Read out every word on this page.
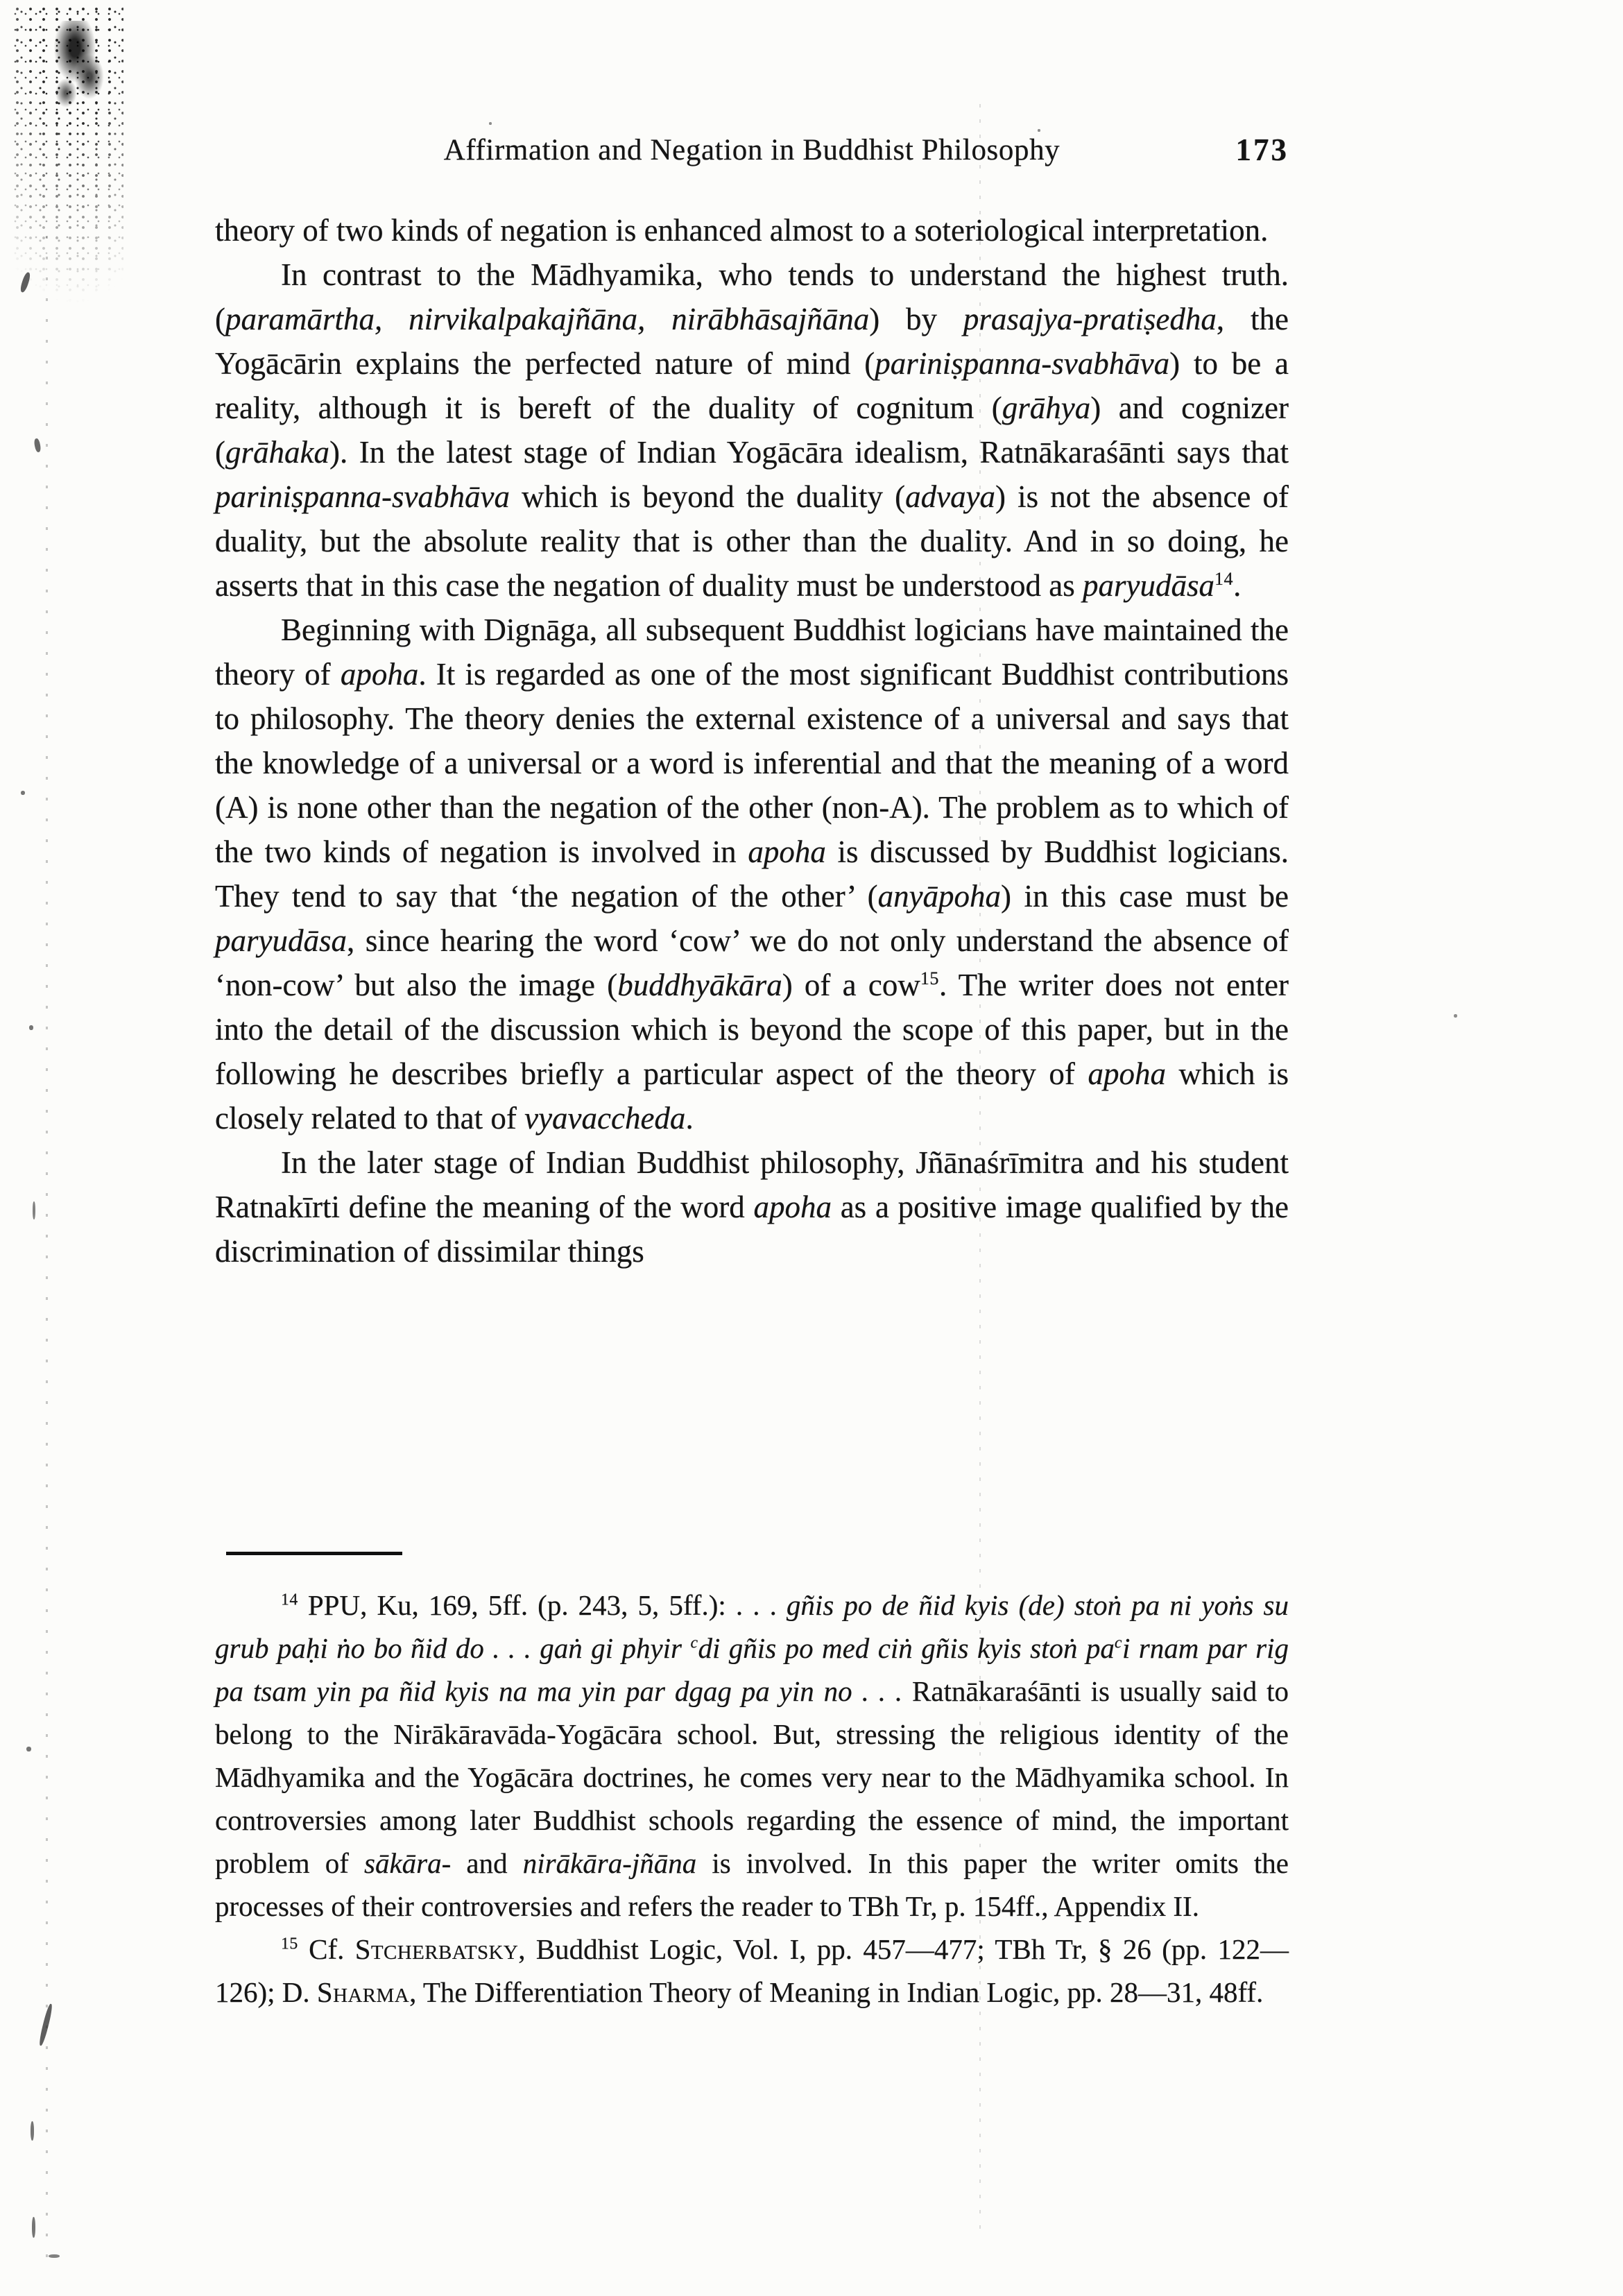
Affirmation and Negation in Buddhist Philosophy	173

theory of two kinds of negation is enhanced almost to a soteriological interpretation.

In contrast to the Mādhyamika, who tends to understand the highest truth. (paramārtha, nirvikalpakajñāna, nirābhāsajñāna) by prasajya-pratiṣedha, the Yogācārin explains the perfected nature of mind (pariniṣpanna-svabhāva) to be a reality, although it is bereft of the duality of cognitum (grāhya) and cognizer (grāhaka). In the latest stage of Indian Yogācāra idealism, Ratnākaraśānti says that pariniṣpanna-svabhāva which is beyond the duality (advaya) is not the absence of duality, but the absolute reality that is other than the duality. And in so doing, he asserts that in this case the negation of duality must be understood as paryudāsa$^{14}$.

Beginning with Dignāga, all subsequent Buddhist logicians have maintained the theory of apoha. It is regarded as one of the most significant Buddhist contributions to philosophy. The theory denies the external existence of a universal and says that the knowledge of a universal or a word is inferential and that the meaning of a word (A) is none other than the negation of the other (non-A). The problem as to which of the two kinds of negation is involved in apoha is discussed by Buddhist logicians. They tend to say that ‘the negation of the other’ (anyāpoha) in this case must be paryudāsa, since hearing the word ‘cow’ we do not only understand the absence of ‘non-cow’ but also the image (buddhyākāra) of a cow$^{15}$. The writer does not enter into the detail of the discussion which is beyond the scope of this paper, but in the following he describes briefly a particular aspect of the theory of apoha which is closely related to that of vyavaccheda.

In the later stage of Indian Buddhist philosophy, Jñānaśrīmitra and his student Ratnakīrti define the meaning of the word apoha as a positive image qualified by the discrimination of dissimilar things

$^{14}$ PPU, Ku, 169, 5ff. (p. 243, 5, 5ff.): . . . gñis po de ñid kyis (de) stoṅ pa ni yoṅs su grub paḥi ṅo bo ñid do . . . gaṅ gi phyir $^c$di gñis po med ciṅ gñis kyis stoṅ $pa^ci$ rnam par rig pa tsam yin pa ñid kyis na ma yin par dgag pa yin no . . . Ratnākaraśānti is usually said to belong to the Nirākāravāda-Yogācāra school. But, stressing the religious identity of the Mādhyamika and the Yogācāra doctrines, he comes very near to the Mādhyamika school. In controversies among later Buddhist schools regarding the essence of mind, the important problem of sākāra- and nirākāra-jñāna is involved. In this paper the writer omits the processes of their controversies and refers the reader to TBh Tr, p. 154ff., Appendix II.

$^{15}$ Cf. Stcherbatsky, Buddhist Logic, Vol. I, pp. 457—477; TBh Tr, § 26 (pp. 122—126); D. Sharma, The Differentiation Theory of Meaning in Indian Logic, pp. 28—31, 48ff.
